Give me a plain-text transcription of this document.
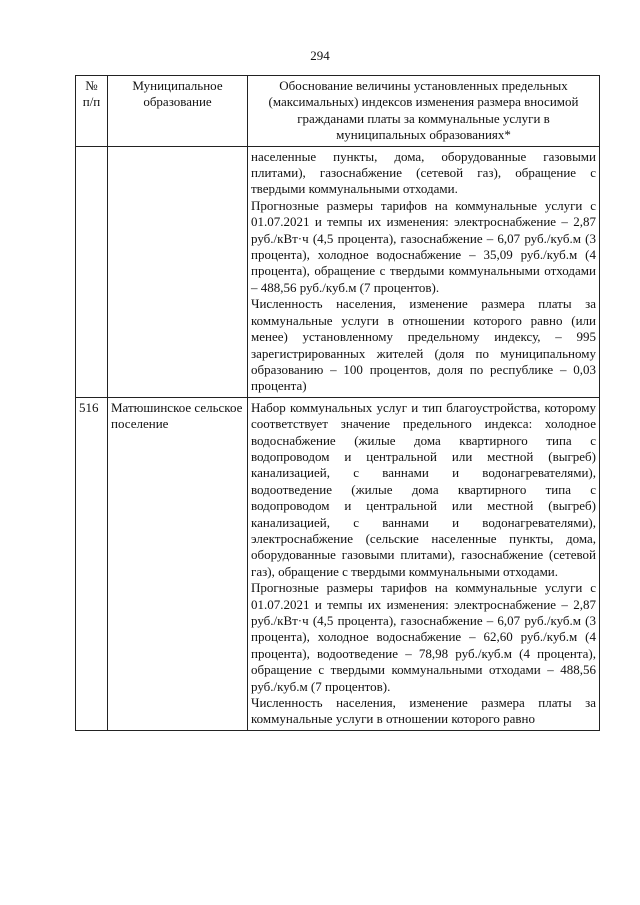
294
№ п/п	Муниципальное образование	Обоснование величины установленных предельных (максимальных) индексов изменения размера вносимой гражданами платы за коммунальные услуги в муниципальных образованиях*

		населенные пункты, дома, оборудованные газовыми плитами), газоснабжение (сетевой газ), обращение с твердыми коммунальными отходами.

Прогнозные размеры тарифов на коммунальные услуги с 01.07.2021 и темпы их изменения: электроснабжение – 2,87 руб./кВт·ч (4,5 процента), газоснабжение – 6,07 руб./куб.м (3 процента), холодное водоснабжение – 35,09 руб./куб.м (4 процента), обращение с твердыми коммунальными отходами – 488,56 руб./куб.м (7 процентов).

Численность населения, изменение размера платы за коммунальные услуги в отношении которого равно (или менее) установленному предельному индексу, – 995 зарегистрированных жителей (доля по муниципальному образованию – 100 процентов, доля по республике – 0,03 процента)

516	Матюшинское сельское поселение	Набор коммунальных услуг и тип благоустройства, которому соответствует значение предельного индекса: холодное водоснабжение (жилые дома квартирного типа с водопроводом и центральной или местной (выгреб) канализацией, с ваннами и водонагревателями), водоотведение (жилые дома квартирного типа с водопроводом и центральной или местной (выгреб) канализацией, с ваннами и водонагревателями), электроснабжение (сельские населенные пункты, дома, оборудованные газовыми плитами), газоснабжение (сетевой газ), обращение с твердыми коммунальными отходами.

Прогнозные размеры тарифов на коммунальные услуги с 01.07.2021 и темпы их изменения: электроснабжение – 2,87 руб./кВт·ч (4,5 процента), газоснабжение – 6,07 руб./куб.м (3 процента), холодное водоснабжение – 62,60 руб./куб.м (4 процента), водоотведение – 78,98 руб./куб.м (4 процента), обращение с твердыми коммунальными отходами – 488,56 руб./куб.м (7 процентов).

Численность населения, изменение размера платы за коммунальные услуги в отношении которого равно
